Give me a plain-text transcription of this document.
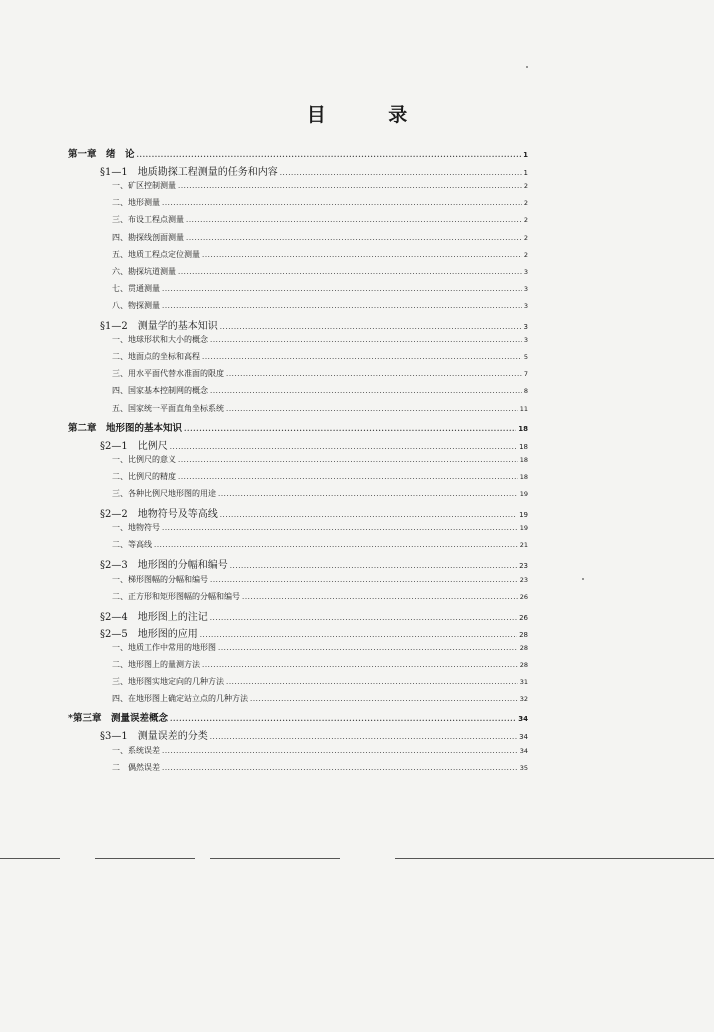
目 录
第一章　绪　论 .....	1
§1—1　地质勘探工程测量的任务和内容 .....	1
一、矿区控制测量 .....	2
二、地形测量 .....	2
三、布设工程点测量 .....	2
四、勘探线剖面测量 .....	2
五、地质工程点定位测量 .....	2
六、勘探坑道测量 .....	3
七、贯通测量 .....	3
八、物探测量 .....	3
§1—2　测量学的基本知识 .....	3
一、地球形状和大小的概念 .....	3
二、地面点的坐标和高程 .....	5
三、用水平面代替水准面的限度 .....	7
四、国家基本控制网的概念 .....	8
五、国家统一平面直角坐标系统 .....	11
第二章　地形图的基本知识 .....	18
§2—1　比例尺 .....	18
一、比例尺的意义 .....	18
二、比例尺的精度 .....	18
三、各种比例尺地形图的用途 .....	19
§2—2　地物符号及等高线 .....	19
一、地物符号 .....	19
二、等高线 .....	21
§2—3　地形图的分幅和编号 .....	23
一、梯形图幅的分幅和编号 .....	23
二、正方形和矩形图幅的分幅和编号 .....	26
§2—4　地形图上的注记 .....	26
§2—5　地形图的应用 .....	28
一、地质工作中常用的地形图 .....	28
二、地形图上的量测方法 .....	28
三、地形图实地定向的几种方法 .....	31
四、在地形图上确定站立点的几种方法 .....	32
*第三章　测量误差概念 .....	34
§3—1　测量误差的分类 .....	34
一、系统误差 .....	34
二　偶然误差 .....	35
